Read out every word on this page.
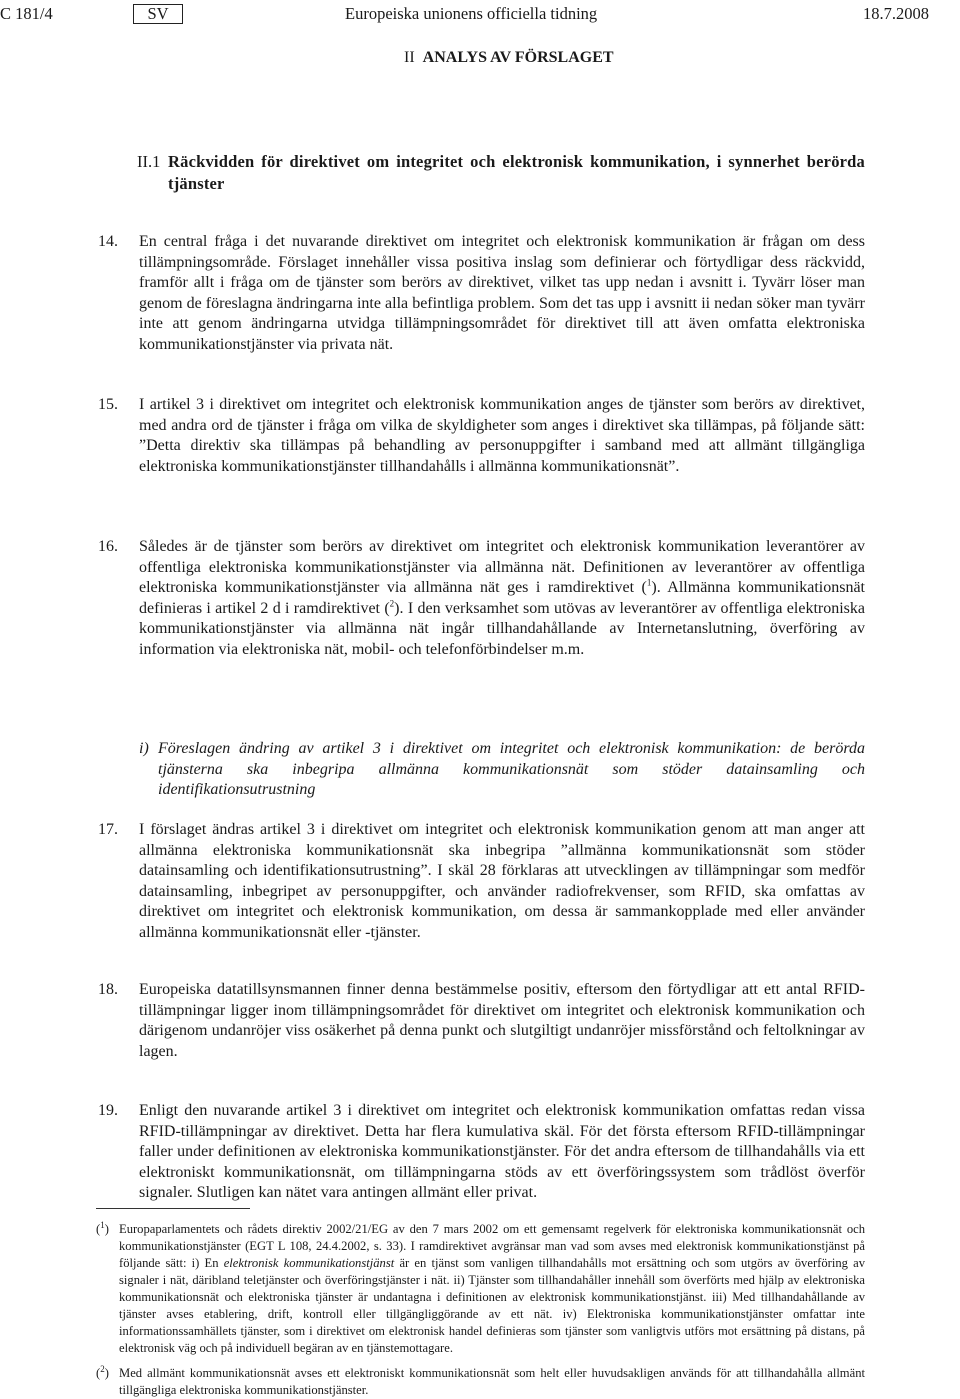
C 181/4	SV	Europeiska unionens officiella tidning	18.7.2008
II ANALYS AV FÖRSLAGET
II.1 Räckvidden för direktivet om integritet och elektronisk kommunikation, i synnerhet berörda tjänster
14.	En central fråga i det nuvarande direktivet om integritet och elektronisk kommunikation är frågan om dess tillämpningsområde. Förslaget innehåller vissa positiva inslag som definierar och förtydligar dess räckvidd, framför allt i fråga om de tjänster som berörs av direktivet, vilket tas upp nedan i avsnitt i. Tyvärr löser man genom de föreslagna ändringarna inte alla befintliga problem. Som det tas upp i avsnitt ii nedan söker man tyvärr inte att genom ändringarna utvidga tillämpningsområdet för direktivet till att även omfatta elektroniska kommunikationstjänster via privata nät.
15.	I artikel 3 i direktivet om integritet och elektronisk kommunikation anges de tjänster som berörs av direktivet, med andra ord de tjänster i fråga om vilka de skyldigheter som anges i direktivet ska tillämpas, på följande sätt: ”Detta direktiv ska tillämpas på behandling av personuppgifter i samband med att allmänt tillgängliga elektroniska kommunikationstjänster tillhandahålls i allmänna kommunikationsnät”.
16.	Således är de tjänster som berörs av direktivet om integritet och elektronisk kommunikation leverantörer av offentliga elektroniska kommunikationstjänster via allmänna nät. Definitionen av leverantörer av offentliga elektroniska kommunikationstjänster via allmänna nät ges i ramdirektivet ($^1$). Allmänna kommunikationsnät definieras i artikel 2 d i ramdirektivet ($^2$). I den verksamhet som utövas av leverantörer av offentliga elektroniska kommunikationstjänster via allmänna nät ingår tillhandahållande av Internetanslutning, överföring av information via elektroniska nät, mobil- och telefonförbindelser m.m.
i) Föreslagen ändring av artikel 3 i direktivet om integritet och elektronisk kommunikation: de berörda tjänsterna ska inbegripa allmänna kommunikationsnät som stöder datainsamling och identifikationsutrustning
17.	I förslaget ändras artikel 3 i direktivet om integritet och elektronisk kommunikation genom att man anger att allmänna elektroniska kommunikationsnät ska inbegripa ”allmänna kommunikationsnät som stöder datainsamling och identifikationsutrustning”. I skäl 28 förklaras att utvecklingen av tillämpningar som medför datainsamling, inbegripet av personuppgifter, och använder radiofrekvenser, som RFID, ska omfattas av direktivet om integritet och elektronisk kommunikation, om dessa är sammankopplade med eller använder allmänna kommunikationsnät eller -tjänster.
18.	Europeiska datatillsynsmannen finner denna bestämmelse positiv, eftersom den förtydligar att ett antal RFID-tillämpningar ligger inom tillämpningsområdet för direktivet om integritet och elektronisk kommunikation och därigenom undanröjer viss osäkerhet på denna punkt och slutgiltigt undanröjer missförstånd och feltolkningar av lagen.
19.	Enligt den nuvarande artikel 3 i direktivet om integritet och elektronisk kommunikation omfattas redan vissa RFID-tillämpningar av direktivet. Detta har flera kumulativa skäl. För det första eftersom RFID-tillämpningar faller under definitionen av elektroniska kommunikationstjänster. För det andra eftersom de tillhandahålls via ett elektroniskt kommunikationsnät, om tillämpningarna stöds av ett överföringssystem som trådlöst överför signaler. Slutligen kan nätet vara antingen allmänt eller privat.
($^1$) Europaparlamentets och rådets direktiv 2002/21/EG av den 7 mars 2002 om ett gemensamt regelverk för elektroniska kommunikationsnät och kommunikationstjänster (EGT L 108, 24.4.2002, s. 33). I ramdirektivet avgränsar man vad som avses med elektronisk kommunikationstjänst på följande sätt: i) En elektronisk kommunikationstjänst är en tjänst som vanligen tillhandahålls mot ersättning och som utgörs av överföring av signaler i nät, däribland teletjänster och överföringstjänster i nät. ii) Tjänster som tillhandahåller innehåll som överförts med hjälp av elektroniska kommunikationsnät och elektroniska tjänster är undantagna i definitionen av elektronisk kommunikationstjänst. iii) Med tillhandahållande av tjänster avses etablering, drift, kontroll eller tillgängliggörande av ett nät. iv) Elektroniska kommunikationstjänster omfattar inte informationssamhällets tjänster, som i direktivet om elektronisk handel definieras som tjänster som vanligtvis utförs mot ersättning på distans, på elektronisk väg och på individuell begäran av en tjänstemottagare.
($^2$) Med allmänt kommunikationsnät avses ett elektroniskt kommunikationsnät som helt eller huvudsakligen används för att tillhandahålla allmänt tillgängliga elektroniska kommunikationstjänster.
